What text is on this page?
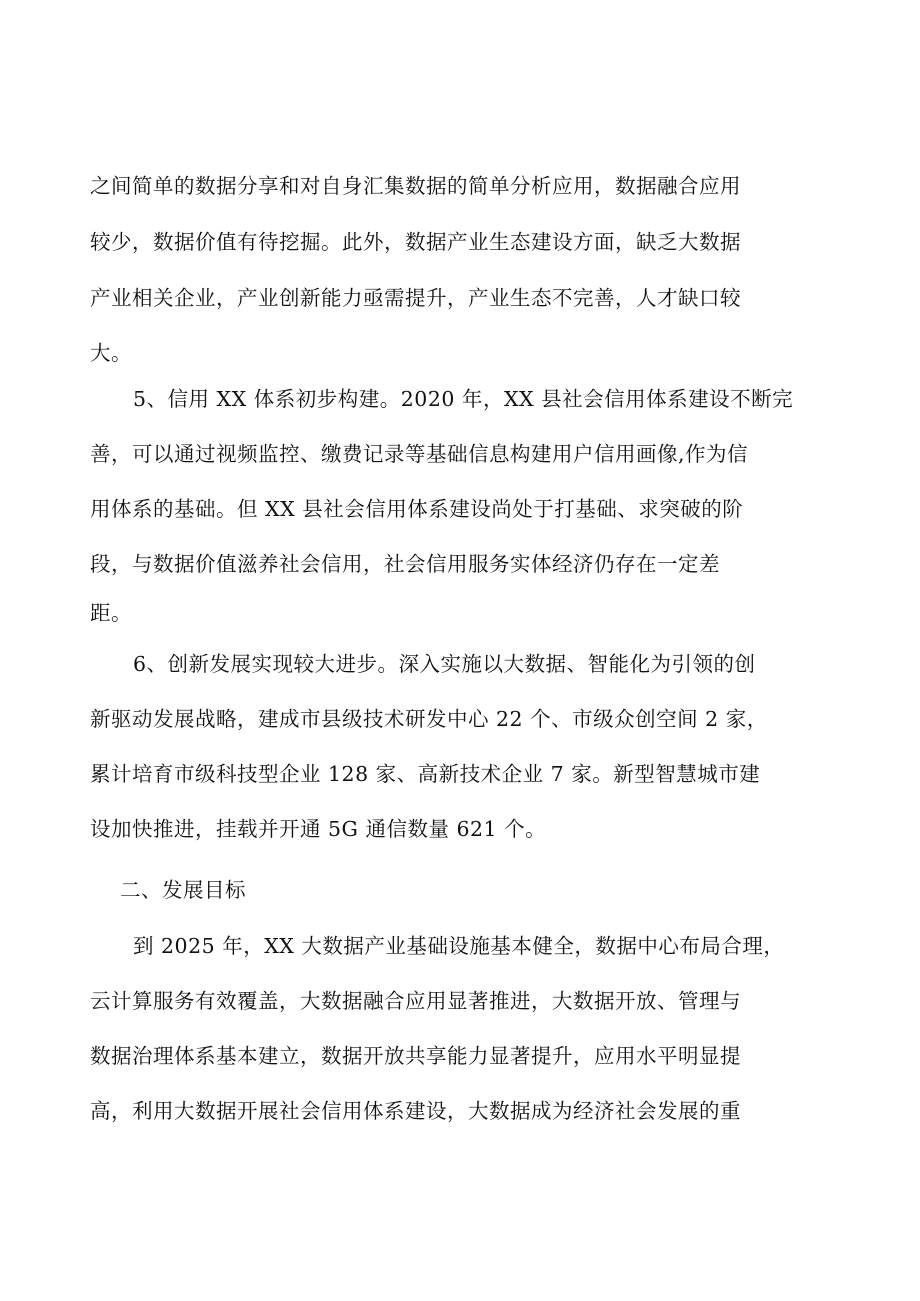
之间简单的数据分享和对自身汇集数据的简单分析应用，数据融合应用
较少，数据价值有待挖掘。此外，数据产业生态建设方面，缺乏大数据
产业相关企业，产业创新能力亟需提升，产业生态不完善，人才缺口较
大。
5、信用 XX 体系初步构建。2020 年，XX 县社会信用体系建设不断完
善，可以通过视频监控、缴费记录等基础信息构建用户信用画像,作为信
用体系的基础。但 XX 县社会信用体系建设尚处于打基础、求突破的阶
段，与数据价值滋养社会信用，社会信用服务实体经济仍存在一定差
距。
6、创新发展实现较大进步。深入实施以大数据、智能化为引领的创
新驱动发展战略，建成市县级技术研发中心 22 个、市级众创空间 2 家，
累计培育市级科技型企业 128 家、高新技术企业 7 家。新型智慧城市建
设加快推进，挂载并开通 5G 通信数量 621 个。
二、发展目标
到 2025 年，XX 大数据产业基础设施基本健全，数据中心布局合理，
云计算服务有效覆盖，大数据融合应用显著推进，大数据开放、管理与
数据治理体系基本建立，数据开放共享能力显著提升，应用水平明显提
高，利用大数据开展社会信用体系建设，大数据成为经济社会发展的重
